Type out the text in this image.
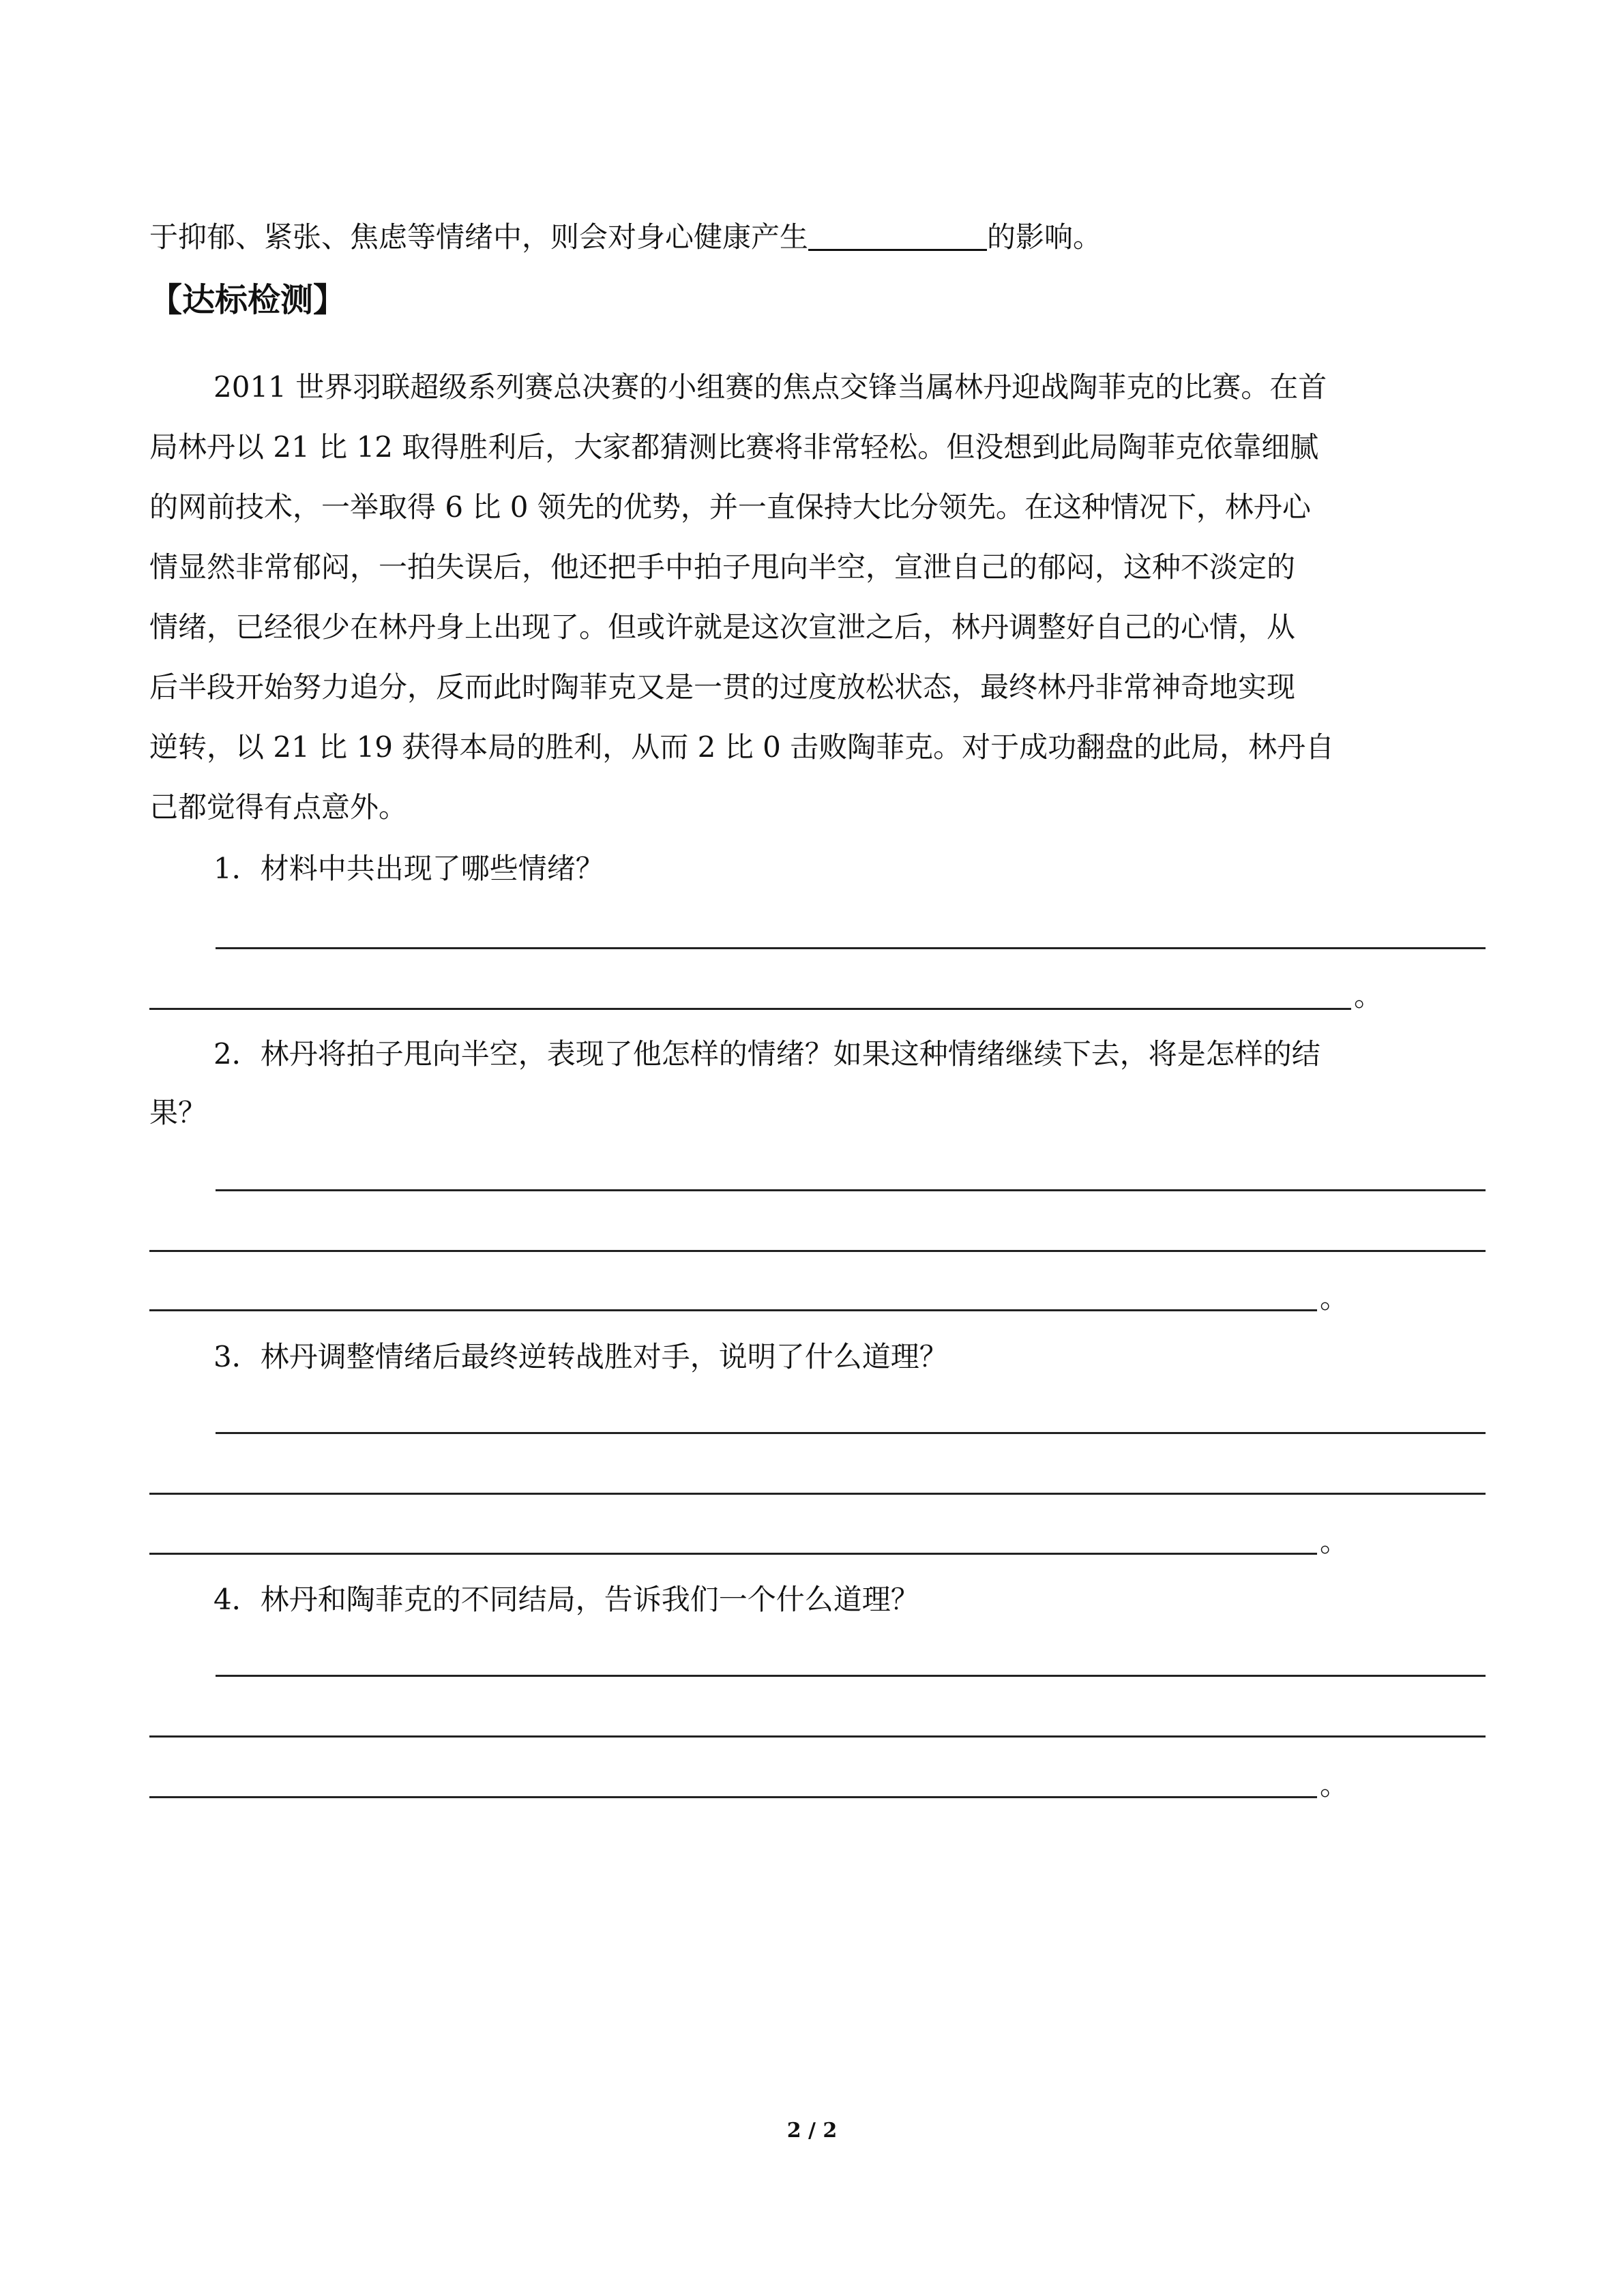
于抑郁、紧张、焦虑等情绪中，则会对身心健康产生	的影响。
【达标检测】
2011 世界羽联超级系列赛总决赛的小组赛的焦点交锋当属林丹迎战陶菲克的比赛。在首
局林丹以 21 比 12 取得胜利后，大家都猜测比赛将非常轻松。但没想到此局陶菲克依靠细腻
的网前技术，一举取得 6 比 0 领先的优势，并一直保持大比分领先。在这种情况下，林丹心
情显然非常郁闷，一拍失误后，他还把手中拍子甩向半空，宣泄自己的郁闷，这种不淡定的
情绪，已经很少在林丹身上出现了。但或许就是这次宣泄之后，林丹调整好自己的心情，从
后半段开始努力追分，反而此时陶菲克又是一贯的过度放松状态，最终林丹非常神奇地实现
逆转，以 21 比 19 获得本局的胜利，从而 2 比 0 击败陶菲克。对于成功翻盘的此局，林丹自
己都觉得有点意外。
1．材料中共出现了哪些情绪？
。
2．林丹将拍子甩向半空，表现了他怎样的情绪？如果这种情绪继续下去，将是怎样的结
果？
。
3．林丹调整情绪后最终逆转战胜对手，说明了什么道理？
。
4．林丹和陶菲克的不同结局，告诉我们一个什么道理？
。
2 / 2
